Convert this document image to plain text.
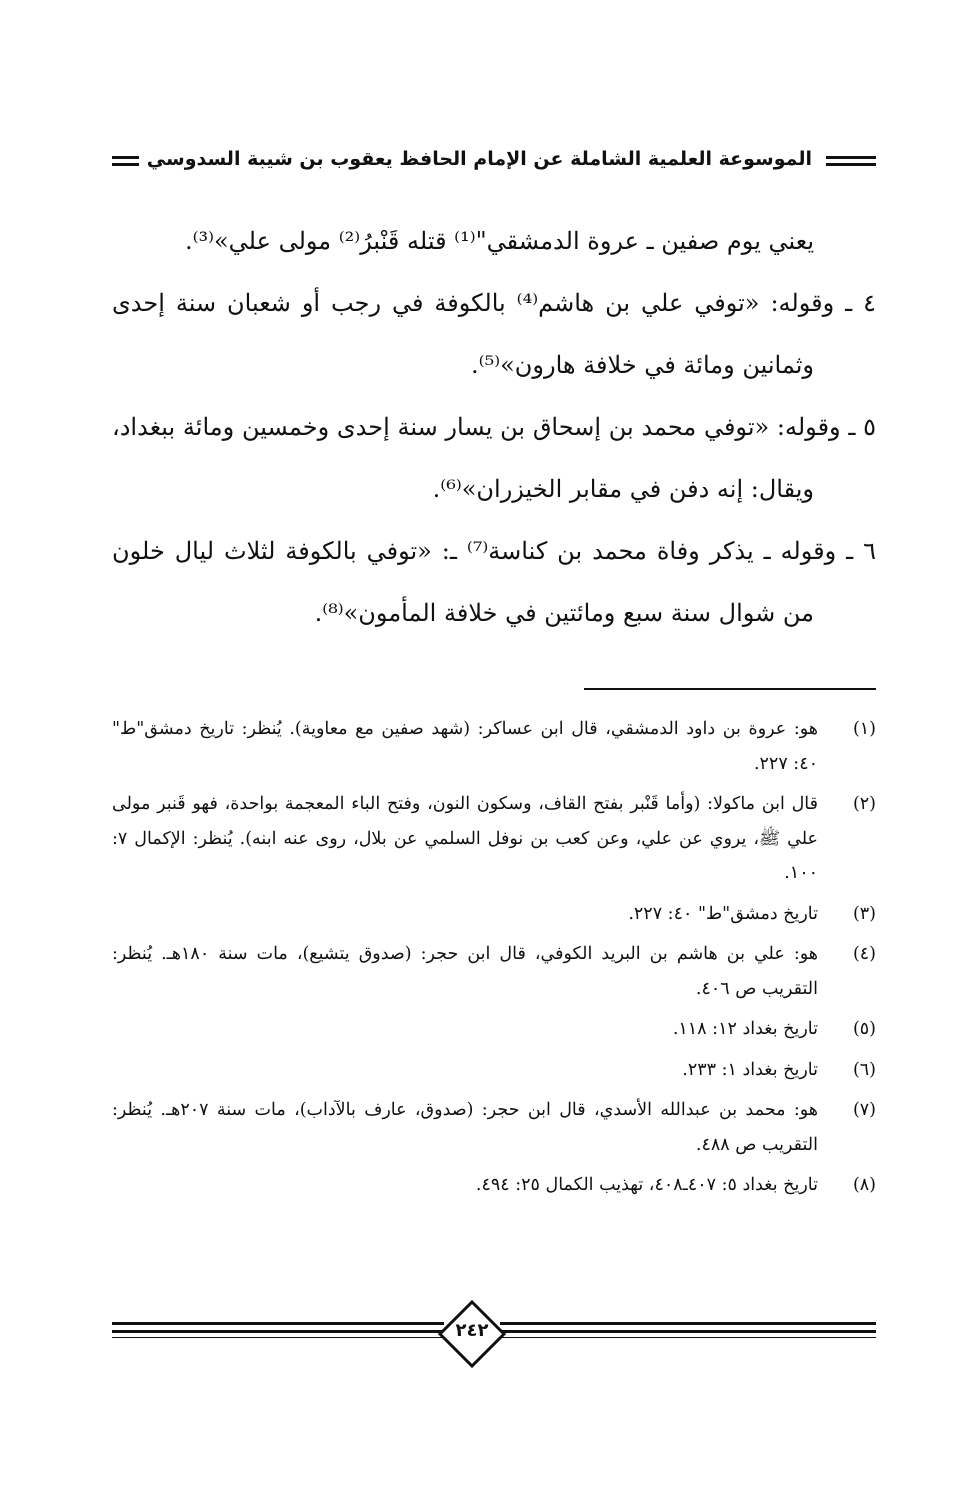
الموسوعة العلمية الشاملة عن الإمام الحافظ يعقوب بن شيبة السدوسي

يعني يوم صفين ـ عروة الدمشقي"⁽¹⁾ قتله قَنْبرُ⁽²⁾ مولى علي»⁽³⁾.

٤ ـ وقوله: «توفي علي بن هاشم⁽⁴⁾ بالكوفة في رجب أو شعبان سنة إحدى وثمانين ومائة في خلافة هارون»⁽⁵⁾.

٥ ـ وقوله: «توفي محمد بن إسحاق بن يسار سنة إحدى وخمسين ومائة ببغداد، ويقال: إنه دفن في مقابر الخيزران»⁽⁶⁾.

٦ ـ وقوله ـ يذكر وفاة محمد بن كناسة⁽⁷⁾ ـ: «توفي بالكوفة لثلاث ليال خلون من شوال سنة سبع ومائتين في خلافة المأمون»⁽⁸⁾.

(١)
هو: عروة بن داود الدمشقي، قال ابن عساكر: (شهد صفين مع معاوية). يُنظر: تاريخ دمشق"ط" ٤٠: ٢٢٧.
(٢)
قال ابن ماكولا: (وأما قَنْبر بفتح القاف، وسكون النون، وفتح الباء المعجمة بواحدة، فهو قَنبر مولى علي ﷺ، يروي عن علي، وعن كعب بن نوفل السلمي عن بلال، روى عنه ابنه). يُنظر: الإكمال ٧: ١٠٠.
(٣)
تاريخ دمشق"ط" ٤٠: ٢٢٧.
(٤)
هو: علي بن هاشم بن البريد الكوفي، قال ابن حجر: (صدوق يتشيع)، مات سنة ١٨٠هـ. يُنظر: التقريب ص ٤٠٦.
(٥)
تاريخ بغداد ١٢: ١١٨.
(٦)
تاريخ بغداد ١: ٢٣٣.
(٧)
هو: محمد بن عبدالله الأسدي، قال ابن حجر: (صدوق، عارف بالآداب)، مات سنة ٢٠٧هـ. يُنظر: التقريب ص ٤٨٨.
(٨)
تاريخ بغداد ٥: ٤٠٧ـ٤٠٨، تهذيب الكمال ٢٥: ٤٩٤.
٢٤٢
